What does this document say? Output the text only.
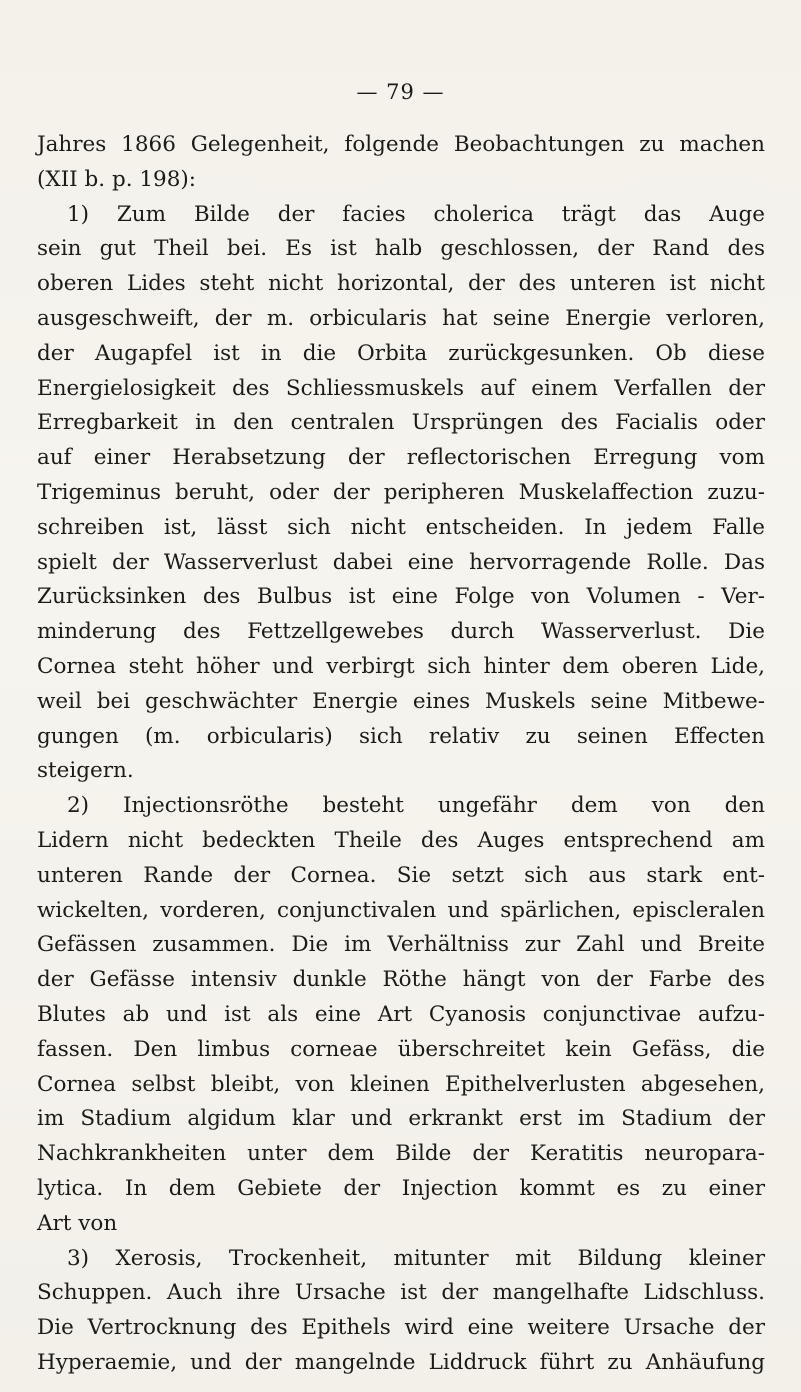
— 79 —
Jahres 1866 Gelegenheit, folgende Beobachtungen zu machen
(XII b. p. 198):
1) Zum Bilde der facies cholerica trägt das Auge
sein gut Theil bei. Es ist halb geschlossen, der Rand des
oberen Lides steht nicht horizontal, der des unteren ist nicht
ausgeschweift, der m. orbicularis hat seine Energie verloren,
der Augapfel ist in die Orbita zurückgesunken. Ob diese
Energielosigkeit des Schliessmuskels auf einem Verfallen der
Erregbarkeit in den centralen Ursprüngen des Facialis oder
auf einer Herabsetzung der reflectorischen Erregung vom
Trigeminus beruht, oder der peripheren Muskelaffection zuzu-
schreiben ist, lässt sich nicht entscheiden. In jedem Falle
spielt der Wasserverlust dabei eine hervorragende Rolle. Das
Zurücksinken des Bulbus ist eine Folge von Volumen - Ver-
minderung des Fettzellgewebes durch Wasserverlust. Die
Cornea steht höher und verbirgt sich hinter dem oberen Lide,
weil bei geschwächter Energie eines Muskels seine Mitbewe-
gungen (m. orbicularis) sich relativ zu seinen Effecten
steigern.
2) Injectionsröthe besteht ungefähr dem von den
Lidern nicht bedeckten Theile des Auges entsprechend am
unteren Rande der Cornea. Sie setzt sich aus stark ent-
wickelten, vorderen, conjunctivalen und spärlichen, episcleralen
Gefässen zusammen. Die im Verhältniss zur Zahl und Breite
der Gefässe intensiv dunkle Röthe hängt von der Farbe des
Blutes ab und ist als eine Art Cyanosis conjunctivae aufzu-
fassen. Den limbus corneae überschreitet kein Gefäss, die
Cornea selbst bleibt, von kleinen Epithelverlusten abgesehen,
im Stadium algidum klar und erkrankt erst im Stadium der
Nachkrankheiten unter dem Bilde der Keratitis neuropara-
lytica. In dem Gebiete der Injection kommt es zu einer
Art von
3) Xerosis, Trockenheit, mitunter mit Bildung kleiner
Schuppen. Auch ihre Ursache ist der mangelhafte Lidschluss.
Die Vertrocknung des Epithels wird eine weitere Ursache der
Hyperaemie, und der mangelnde Liddruck führt zu Anhäufung
